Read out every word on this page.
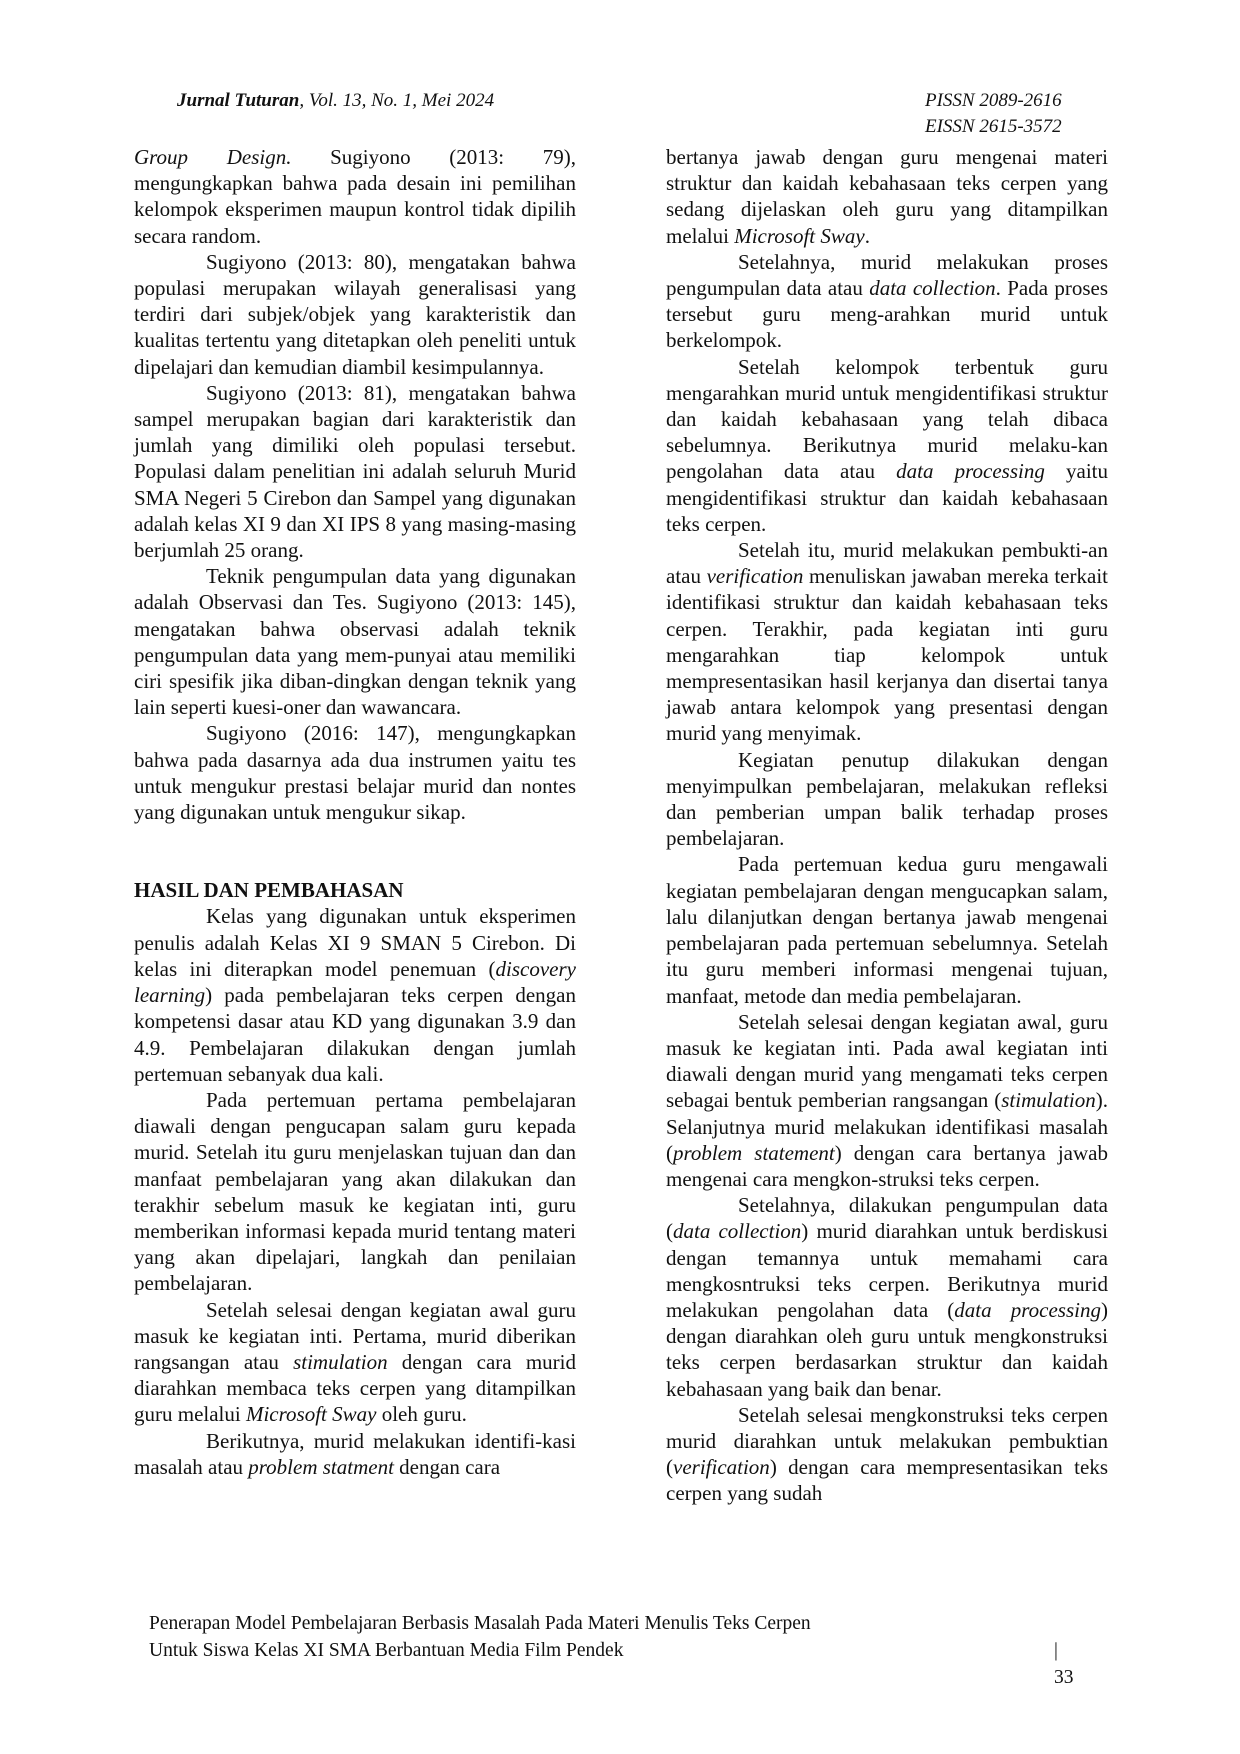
Jurnal Tuturan, Vol. 13, No. 1, Mei 2024	PISSN 2089-2616
EISSN 2615-3572

Group Design. Sugiyono (2013: 79), mengungkapkan bahwa pada desain ini pemilihan kelompok eksperimen maupun kontrol tidak dipilih secara random.

Sugiyono (2013: 80), mengatakan bahwa populasi merupakan wilayah generalisasi yang terdiri dari subjek/objek yang karakteristik dan kualitas tertentu yang ditetapkan oleh peneliti untuk dipelajari dan kemudian diambil kesimpulannya.

Sugiyono (2013: 81), mengatakan bahwa sampel merupakan bagian dari karakteristik dan jumlah yang dimiliki oleh populasi tersebut. Populasi dalam penelitian ini adalah seluruh Murid SMA Negeri 5 Cirebon dan Sampel yang digunakan adalah kelas XI 9 dan XI IPS 8 yang masing-masing berjumlah 25 orang.

Teknik pengumpulan data yang digunakan adalah Observasi dan Tes. Sugiyono (2013: 145), mengatakan bahwa observasi adalah teknik pengumpulan data yang mem-punyai atau memiliki ciri spesifik jika diban-dingkan dengan teknik yang lain seperti kuesi-oner dan wawancara.

Sugiyono (2016: 147), mengungkapkan bahwa pada dasarnya ada dua instrumen yaitu tes untuk mengukur prestasi belajar murid dan nontes yang digunakan untuk mengukur sikap.

HASIL DAN PEMBAHASAN

Kelas yang digunakan untuk eksperimen penulis adalah Kelas XI 9 SMAN 5 Cirebon. Di kelas ini diterapkan model penemuan (discovery learning) pada pembelajaran teks cerpen dengan kompetensi dasar atau KD yang digunakan 3.9 dan 4.9. Pembelajaran dilakukan dengan jumlah pertemuan sebanyak dua kali.

Pada pertemuan pertama pembelajaran diawali dengan pengucapan salam guru kepada murid. Setelah itu guru menjelaskan tujuan dan dan manfaat pembelajaran yang akan dilakukan dan terakhir sebelum masuk ke kegiatan inti, guru memberikan informasi kepada murid tentang materi yang akan dipelajari, langkah dan penilaian pembelajaran.

Setelah selesai dengan kegiatan awal guru masuk ke kegiatan inti. Pertama, murid diberikan rangsangan atau stimulation dengan cara murid diarahkan membaca teks cerpen yang ditampilkan guru melalui Microsoft Sway oleh guru.

Berikutnya, murid melakukan identifi-kasi masalah atau problem statment dengan cara

bertanya jawab dengan guru mengenai materi struktur dan kaidah kebahasaan teks cerpen yang sedang dijelaskan oleh guru yang ditampilkan melalui Microsoft Sway.

Setelahnya, murid melakukan proses pengumpulan data atau data collection. Pada proses tersebut guru meng-arahkan murid untuk berkelompok.

Setelah kelompok terbentuk guru mengarahkan murid untuk mengidentifikasi struktur dan kaidah kebahasaan yang telah dibaca sebelumnya. Berikutnya murid melaku-kan pengolahan data atau data processing yaitu mengidentifikasi struktur dan kaidah kebahasaan teks cerpen.

Setelah itu, murid melakukan pembukti-an atau verification menuliskan jawaban mereka terkait identifikasi struktur dan kaidah kebahasaan teks cerpen. Terakhir, pada kegiatan inti guru mengarahkan tiap kelompok untuk mempresentasikan hasil kerjanya dan disertai tanya jawab antara kelompok yang presentasi dengan murid yang menyimak.

Kegiatan penutup dilakukan dengan menyimpulkan pembelajaran, melakukan refleksi dan pemberian umpan balik terhadap proses pembelajaran.

Pada pertemuan kedua guru mengawali kegiatan pembelajaran dengan mengucapkan salam, lalu dilanjutkan dengan bertanya jawab mengenai pembelajaran pada pertemuan sebelumnya. Setelah itu guru memberi informasi mengenai tujuan, manfaat, metode dan media pembelajaran.

Setelah selesai dengan kegiatan awal, guru masuk ke kegiatan inti. Pada awal kegiatan inti diawali dengan murid yang mengamati teks cerpen sebagai bentuk pemberian rangsangan (stimulation). Selanjutnya murid melakukan identifikasi masalah (problem statement) dengan cara bertanya jawab mengenai cara mengkon-struksi teks cerpen.

Setelahnya, dilakukan pengumpulan data (data collection) murid diarahkan untuk berdiskusi dengan temannya untuk memahami cara mengkosntruksi teks cerpen. Berikutnya murid melakukan pengolahan data (data processing) dengan diarahkan oleh guru untuk mengkonstruksi teks cerpen berdasarkan struktur dan kaidah kebahasaan yang baik dan benar.

Setelah selesai mengkonstruksi teks cerpen murid diarahkan untuk melakukan pembuktian (verification) dengan cara mempresentasikan teks cerpen yang sudah

Penerapan Model Pembelajaran Berbasis Masalah Pada Materi Menulis Teks Cerpen
Untuk Siswa Kelas XI SMA Berbantuan Media Film Pendek	| 33
